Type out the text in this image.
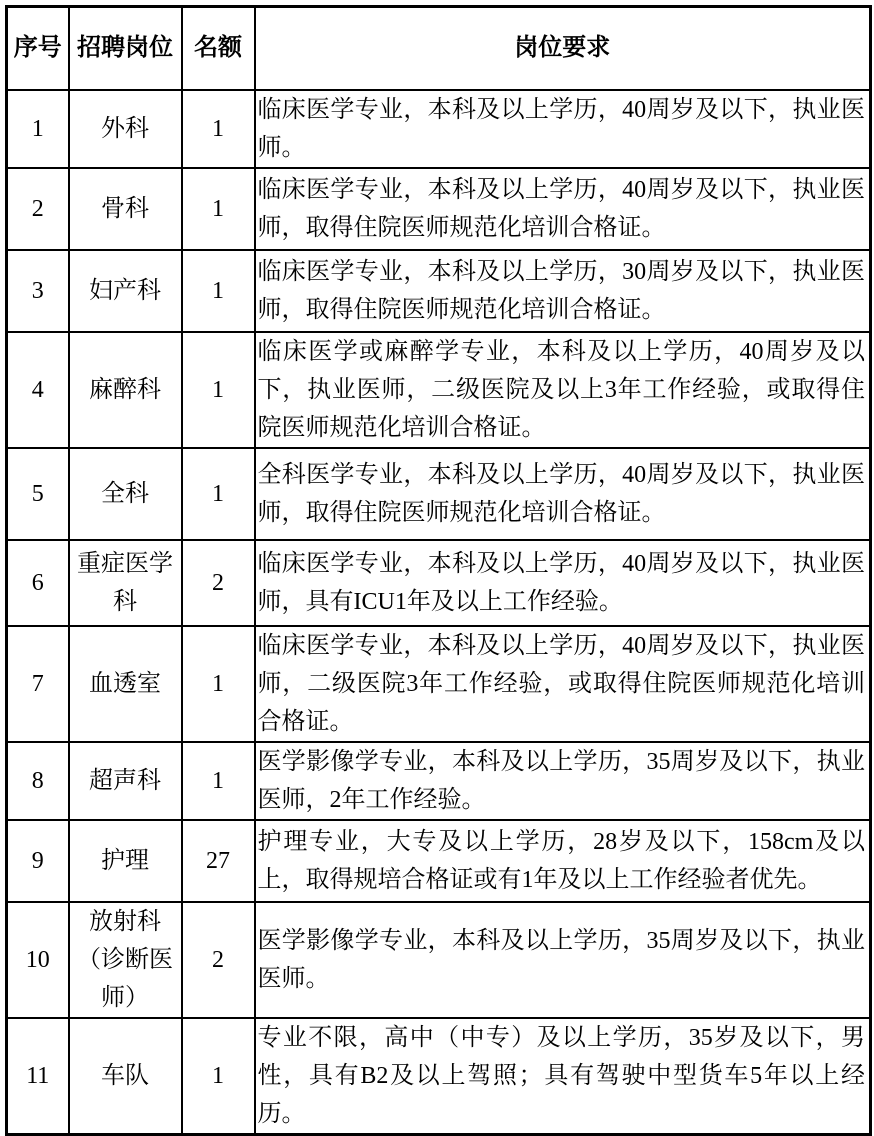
序号	招聘岗位	名额	岗位要求
1	外科	1	临床医学专业，本科及以上学历，40周岁及以下，执业医师。
2	骨科	1	临床医学专业，本科及以上学历，40周岁及以下，执业医师，取得住院医师规范化培训合格证。
3	妇产科	1	临床医学专业，本科及以上学历，30周岁及以下，执业医师，取得住院医师规范化培训合格证。
4	麻醉科	1	临床医学或麻醉学专业，本科及以上学历，40周岁及以下，执业医师，二级医院及以上3年工作经验，或取得住院医师规范化培训合格证。
5	全科	1	全科医学专业，本科及以上学历，40周岁及以下，执业医师，取得住院医师规范化培训合格证。
6	重症医学科	2	临床医学专业，本科及以上学历，40周岁及以下，执业医师，具有ICU1年及以上工作经验。
7	血透室	1	临床医学专业，本科及以上学历，40周岁及以下，执业医师，二级医院3年工作经验，或取得住院医师规范化培训合格证。
8	超声科	1	医学影像学专业，本科及以上学历，35周岁及以下，执业医师，2年工作经验。
9	护理	27	护理专业，大专及以上学历，28岁及以下，158cm及以上，取得规培合格证或有1年及以上工作经验者优先。
10	放射科（诊断医师）	2	医学影像学专业，本科及以上学历，35周岁及以下，执业医师。
11	车队	1	专业不限，高中（中专）及以上学历，35岁及以下，男性，具有B2及以上驾照；具有驾驶中型货车5年以上经历。
